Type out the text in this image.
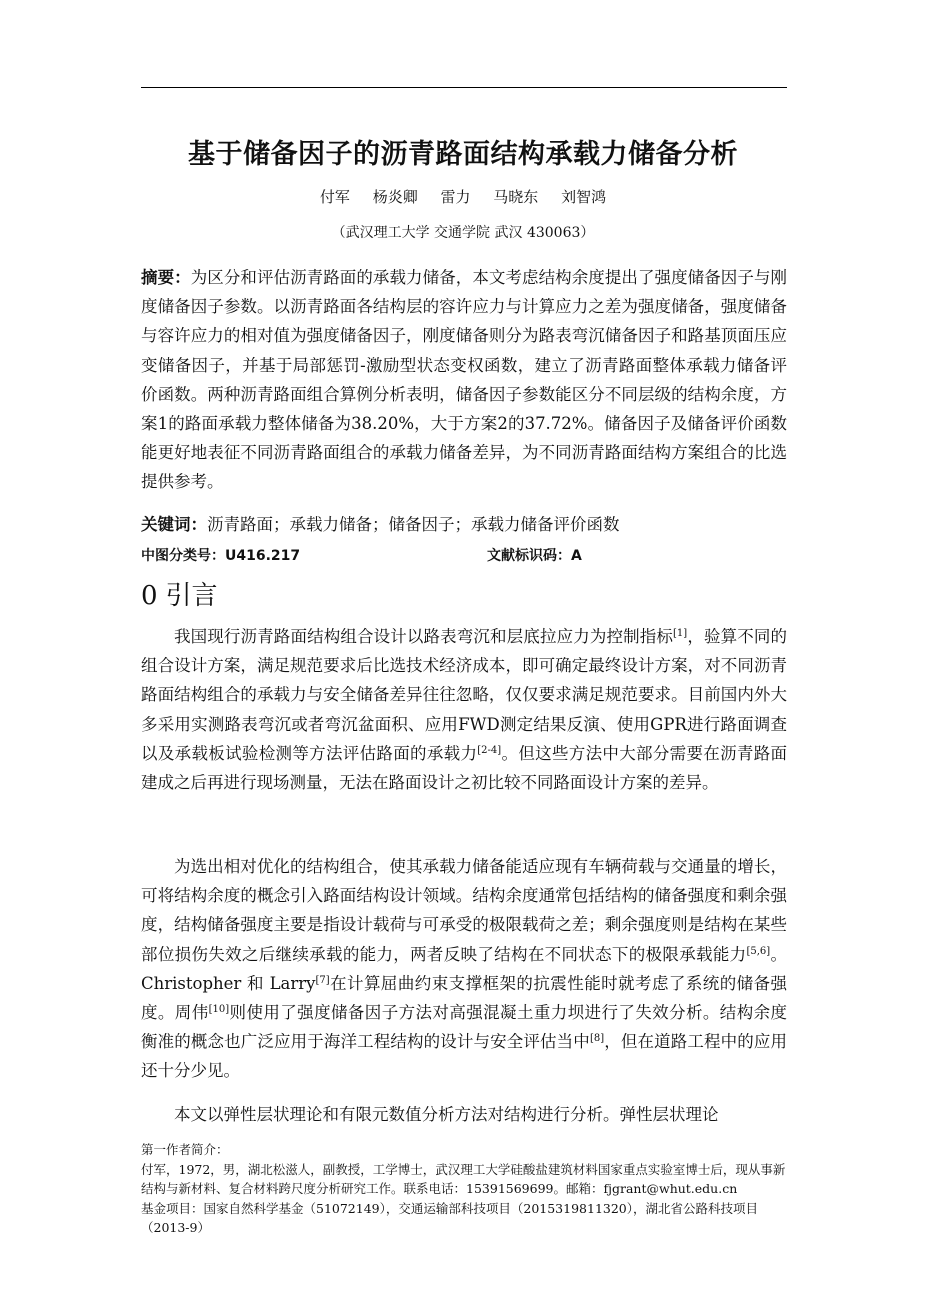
基于储备因子的沥青路面结构承载力储备分析
付军 杨炎卿 雷力 马晓东 刘智鸿
（武汉理工大学 交通学院 武汉 430063）
摘要：为区分和评估沥青路面的承载力储备，本文考虑结构余度提出了强度储备因子与刚度储备因子参数。以沥青路面各结构层的容许应力与计算应力之差为强度储备，强度储备与容许应力的相对值为强度储备因子，刚度储备则分为路表弯沉储备因子和路基顶面压应变储备因子，并基于局部惩罚-激励型状态变权函数，建立了沥青路面整体承载力储备评价函数。两种沥青路面组合算例分析表明，储备因子参数能区分不同层级的结构余度，方案1的路面承载力整体储备为38.20%，大于方案2的37.72%。储备因子及储备评价函数能更好地表征不同沥青路面组合的承载力储备差异，为不同沥青路面结构方案组合的比选提供参考。
关键词：沥青路面；承载力储备；储备因子；承载力储备评价函数
中图分类号：U416.217	文献标识码：A
0 引言
我国现行沥青路面结构组合设计以路表弯沉和层底拉应力为控制指标[1]，验算不同的组合设计方案，满足规范要求后比选技术经济成本，即可确定最终设计方案，对不同沥青路面结构组合的承载力与安全储备差异往往忽略，仅仅要求满足规范要求。目前国内外大多采用实测路表弯沉或者弯沉盆面积、应用FWD测定结果反演、使用GPR进行路面调查以及承载板试验检测等方法评估路面的承载力[2-4]。但这些方法中大部分需要在沥青路面建成之后再进行现场测量，无法在路面设计之初比较不同路面设计方案的差异。
为选出相对优化的结构组合，使其承载力储备能适应现有车辆荷载与交通量的增长，可将结构余度的概念引入路面结构设计领域。结构余度通常包括结构的储备强度和剩余强度，结构储备强度主要是指设计载荷与可承受的极限载荷之差；剩余强度则是结构在某些部位损伤失效之后继续承载的能力，两者反映了结构在不同状态下的极限承载能力[5,6]。Christopher 和 Larry[7]在计算屈曲约束支撑框架的抗震性能时就考虑了系统的储备强度。周伟[10]则使用了强度储备因子方法对高强混凝土重力坝进行了失效分析。结构余度衡准的概念也广泛应用于海洋工程结构的设计与安全评估当中[8]，但在道路工程中的应用还十分少见。
本文以弹性层状理论和有限元数值分析方法对结构进行分析。弹性层状理论
第一作者简介：
付军，1972，男，湖北松滋人，副教授，工学博士，武汉理工大学硅酸盐建筑材料国家重点实验室博士后，现从事新结构与新材料、复合材料跨尺度分析研究工作。联系电话：15391569699。邮箱：fjgrant@whut.edu.cn
基金项目：国家自然科学基金（51072149），交通运输部科技项目（2015319811320），湖北省公路科技项目（2013-9）
